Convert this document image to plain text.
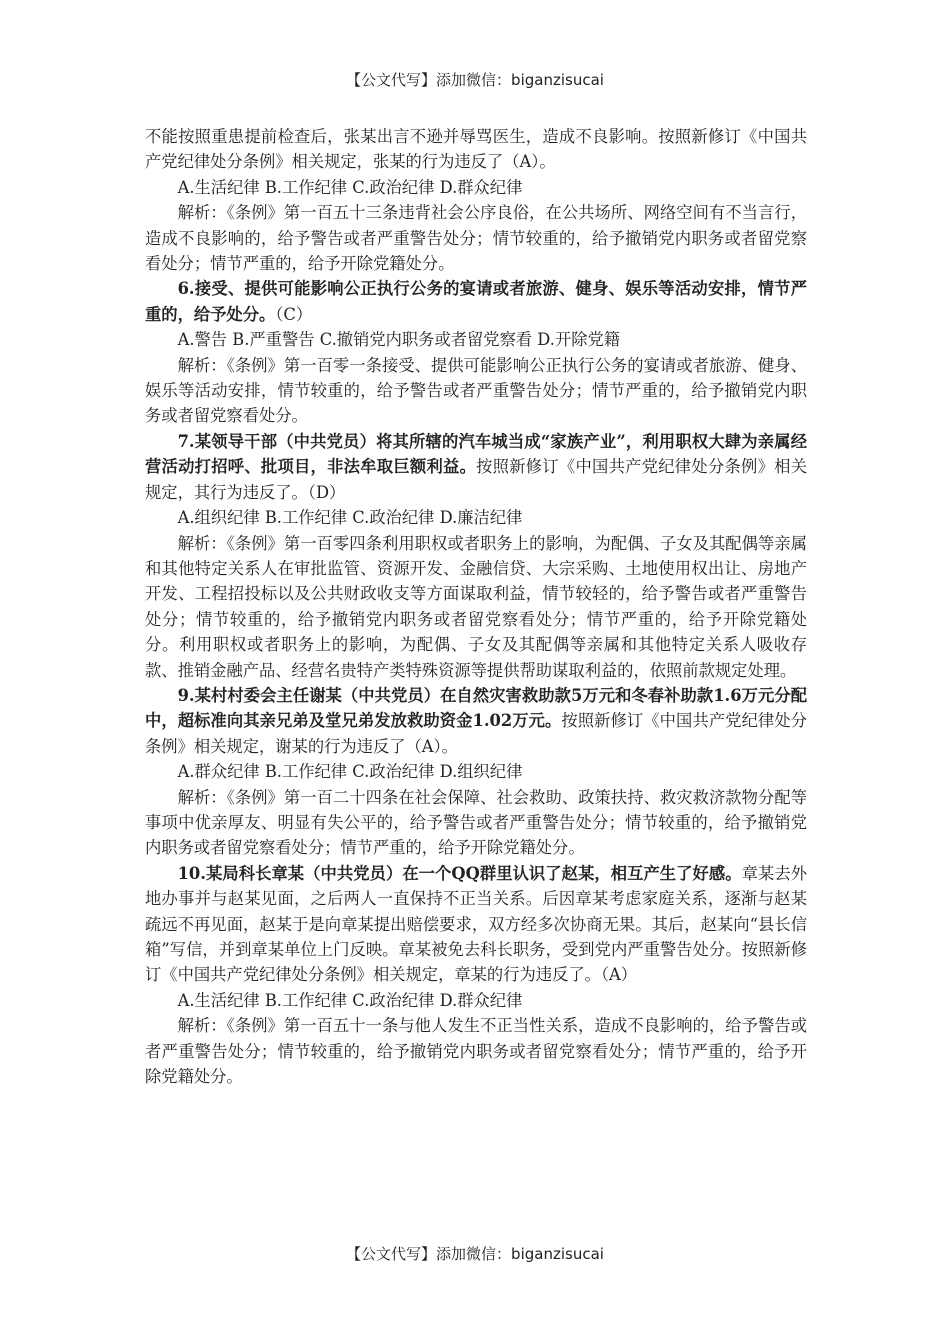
【公文代写】添加微信：biganzisucai

不能按照重患提前检查后，张某出言不逊并辱骂医生，造成不良影响。按照新修订《中国共产党纪律处分条例》相关规定，张某的行为违反了（A）。

A.生活纪律 B.工作纪律 C.政治纪律 D.群众纪律

解析：《条例》第一百五十三条违背社会公序良俗，在公共场所、网络空间有不当言行，造成不良影响的，给予警告或者严重警告处分；情节较重的，给予撤销党内职务或者留党察看处分；情节严重的，给予开除党籍处分。

6.接受、提供可能影响公正执行公务的宴请或者旅游、健身、娱乐等活动安排，情节严重的，给予处分。（C）

A.警告 B.严重警告 C.撤销党内职务或者留党察看 D.开除党籍

解析：《条例》第一百零一条接受、提供可能影响公正执行公务的宴请或者旅游、健身、娱乐等活动安排，情节较重的，给予警告或者严重警告处分；情节严重的，给予撤销党内职务或者留党察看处分。

7.某领导干部（中共党员）将其所辖的汽车城当成“家族产业”，利用职权大肆为亲属经营活动打招呼、批项目，非法牟取巨额利益。按照新修订《中国共产党纪律处分条例》相关规定，其行为违反了。（D）

A.组织纪律 B.工作纪律 C.政治纪律 D.廉洁纪律

解析：《条例》第一百零四条利用职权或者职务上的影响，为配偶、子女及其配偶等亲属和其他特定关系人在审批监管、资源开发、金融信贷、大宗采购、土地使用权出让、房地产开发、工程招投标以及公共财政收支等方面谋取利益，情节较轻的，给予警告或者严重警告处分；情节较重的，给予撤销党内职务或者留党察看处分；情节严重的，给予开除党籍处分。利用职权或者职务上的影响，为配偶、子女及其配偶等亲属和其他特定关系人吸收存款、推销金融产品、经营名贵特产类特殊资源等提供帮助谋取利益的，依照前款规定处理。

9.某村村委会主任谢某（中共党员）在自然灾害救助款5万元和冬春补助款1.6万元分配中，超标准向其亲兄弟及堂兄弟发放救助资金1.02万元。按照新修订《中国共产党纪律处分条例》相关规定，谢某的行为违反了（A）。

A.群众纪律 B.工作纪律 C.政治纪律 D.组织纪律

解析：《条例》第一百二十四条在社会保障、社会救助、政策扶持、救灾救济款物分配等事项中优亲厚友、明显有失公平的，给予警告或者严重警告处分；情节较重的，给予撤销党内职务或者留党察看处分；情节严重的，给予开除党籍处分。

10.某局科长章某（中共党员）在一个QQ群里认识了赵某，相互产生了好感。章某去外地办事并与赵某见面，之后两人一直保持不正当关系。后因章某考虑家庭关系，逐渐与赵某疏远不再见面，赵某于是向章某提出赔偿要求，双方经多次协商无果。其后，赵某向“县长信箱”写信，并到章某单位上门反映。章某被免去科长职务，受到党内严重警告处分。按照新修订《中国共产党纪律处分条例》相关规定，章某的行为违反了。（A）

A.生活纪律 B.工作纪律 C.政治纪律 D.群众纪律

解析：《条例》第一百五十一条与他人发生不正当性关系，造成不良影响的，给予警告或者严重警告处分；情节较重的，给予撤销党内职务或者留党察看处分；情节严重的，给予开除党籍处分。

【公文代写】添加微信：biganzisucai
